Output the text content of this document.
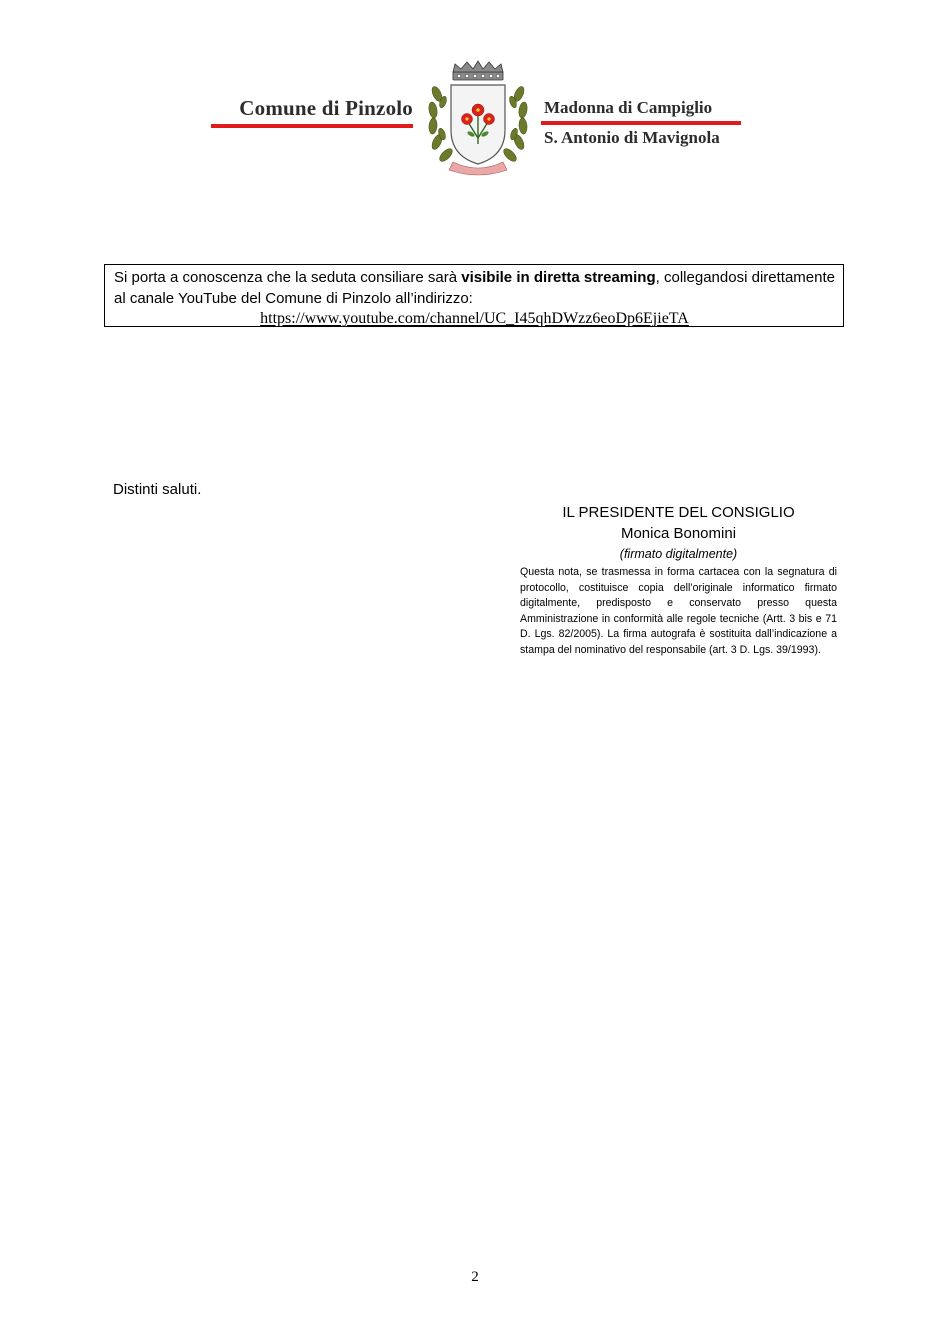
Comune di Pinzolo	Madonna di Campiglio
S. Antonio di Mavignola
Si porta a conoscenza che la seduta consiliare sarà visibile in diretta streaming, collegandosi direttamente al canale YouTube del Comune di Pinzolo all’indirizzo:
https://www.youtube.com/channel/UC_I45qhDWzz6eoDp6EjieTA
Distinti saluti.
IL PRESIDENTE DEL CONSIGLIO
Monica Bonomini
(firmato digitalmente)
Questa nota, se trasmessa in forma cartacea con la segnatura di protocollo, costituisce copia dell’originale informatico firmato digitalmente, predisposto e conservato presso questa Amministrazione in conformità alle regole tecniche (Artt. 3 bis e 71 D. Lgs. 82/2005). La firma autografa è sostituita dall’indicazione a stampa del nominativo del responsabile (art. 3 D. Lgs. 39/1993).
2
